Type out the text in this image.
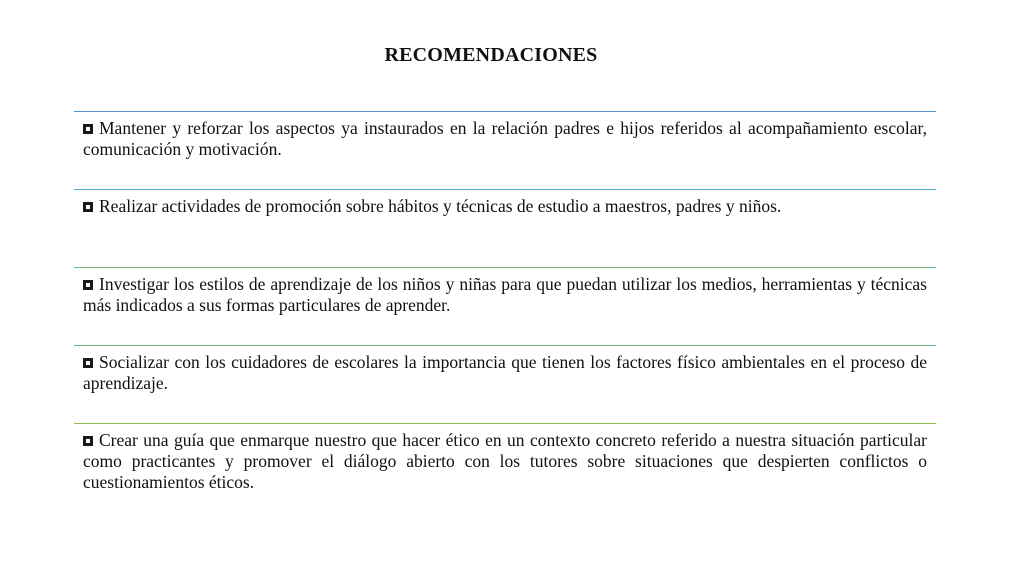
RECOMENDACIONES
Mantener y reforzar los aspectos ya instaurados en la relación padres e hijos referidos al acompañamiento escolar, comunicación y motivación.
Realizar actividades de promoción sobre hábitos y técnicas de estudio a maestros, padres y niños.
Investigar los estilos de aprendizaje de los niños y niñas para que puedan utilizar los medios, herramientas y técnicas más indicados a sus formas particulares de aprender.
Socializar con los cuidadores de escolares la importancia que tienen los factores físico ambientales en el proceso de aprendizaje.
Crear una guía que enmarque nuestro que hacer ético en un contexto concreto referido a nuestra situación particular como practicantes y promover el diálogo abierto con los tutores sobre situaciones que despierten conflictos o cuestionamientos éticos.
